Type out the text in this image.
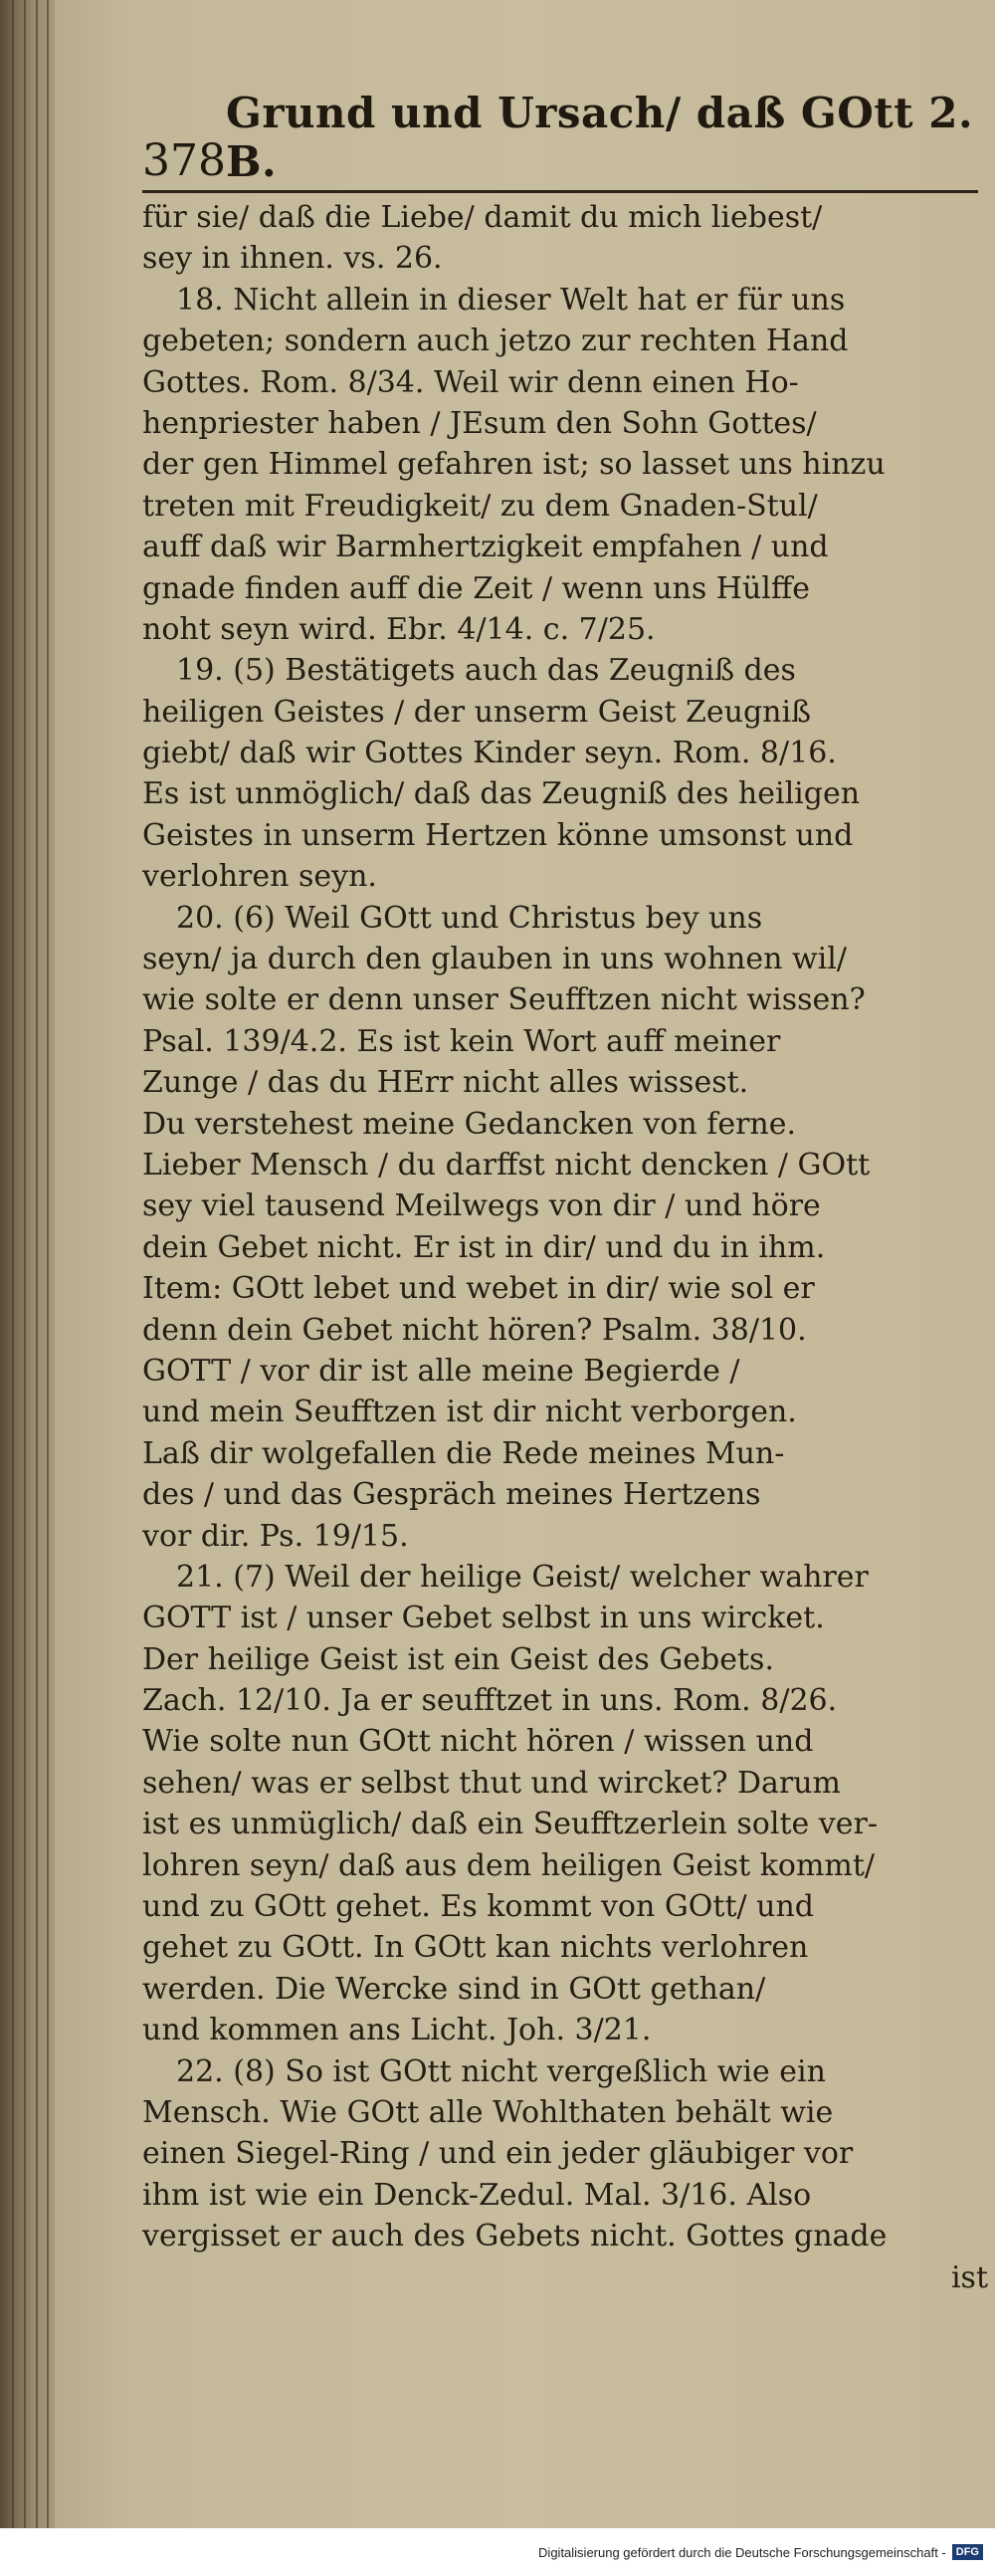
378
Grund und Ursach/ daß GOtt 2. B.
für sie/ daß die Liebe/ damit du mich liebest/
sey in ihnen. vs. 26.
18. Nicht allein in dieser Welt hat er für uns
gebeten; sondern auch jetzo zur rechten Hand
Gottes. Rom. 8/34. Weil wir denn einen Ho-
henpriester haben / JEsum den Sohn Gottes/
der gen Himmel gefahren ist; so lasset uns hinzu
treten mit Freudigkeit/ zu dem Gnaden-Stul/
auff daß wir Barmhertzigkeit empfahen / und
gnade finden auff die Zeit / wenn uns Hülffe
noht seyn wird. Ebr. 4/14. c. 7/25.
19. (5) Bestätigets auch das Zeugniß des
heiligen Geistes / der unserm Geist Zeugniß
giebt/ daß wir Gottes Kinder seyn. Rom. 8/16.
Es ist unmöglich/ daß das Zeugniß des heiligen
Geistes in unserm Hertzen könne umsonst und
verlohren seyn.
20. (6) Weil GOtt und Christus bey uns
seyn/ ja durch den glauben in uns wohnen wil/
wie solte er denn unser Seufftzen nicht wissen?
Psal. 139/4.2. Es ist kein Wort auff meiner
Zunge / das du HErr nicht alles wissest.
Du verstehest meine Gedancken von ferne.
Lieber Mensch / du darffst nicht dencken / GOtt
sey viel tausend Meilwegs von dir / und höre
dein Gebet nicht. Er ist in dir/ und du in ihm.
Item: GOtt lebet und webet in dir/ wie sol er
denn dein Gebet nicht hören? Psalm. 38/10.
GOTT / vor dir ist alle meine Begierde /
und mein Seufftzen ist dir nicht verborgen.
Laß dir wolgefallen die Rede meines Mun-
des / und das Gespräch meines Hertzens
vor dir. Ps. 19/15.
21. (7) Weil der heilige Geist/ welcher wahrer
GOTT ist / unser Gebet selbst in uns wircket.
Der heilige Geist ist ein Geist des Gebets.
Zach. 12/10. Ja er seufftzet in uns. Rom. 8/26.
Wie solte nun GOtt nicht hören / wissen und
sehen/ was er selbst thut und wircket? Darum
ist es unmüglich/ daß ein Seufftzerlein solte ver-
lohren seyn/ daß aus dem heiligen Geist kommt/
und zu GOtt gehet. Es kommt von GOtt/ und
gehet zu GOtt. In GOtt kan nichts verlohren
werden. Die Wercke sind in GOtt gethan/
und kommen ans Licht. Joh. 3/21.
22. (8) So ist GOtt nicht vergeßlich wie ein
Mensch. Wie GOtt alle Wohlthaten behält wie
einen Siegel-Ring / und ein jeder gläubiger vor
ihm ist wie ein Denck-Zedul. Mal. 3/16. Also
vergisset er auch des Gebets nicht. Gottes gnade
ist
Digitalisierung gefördert durch die Deutsche Forschungsgemeinschaft - DFG
